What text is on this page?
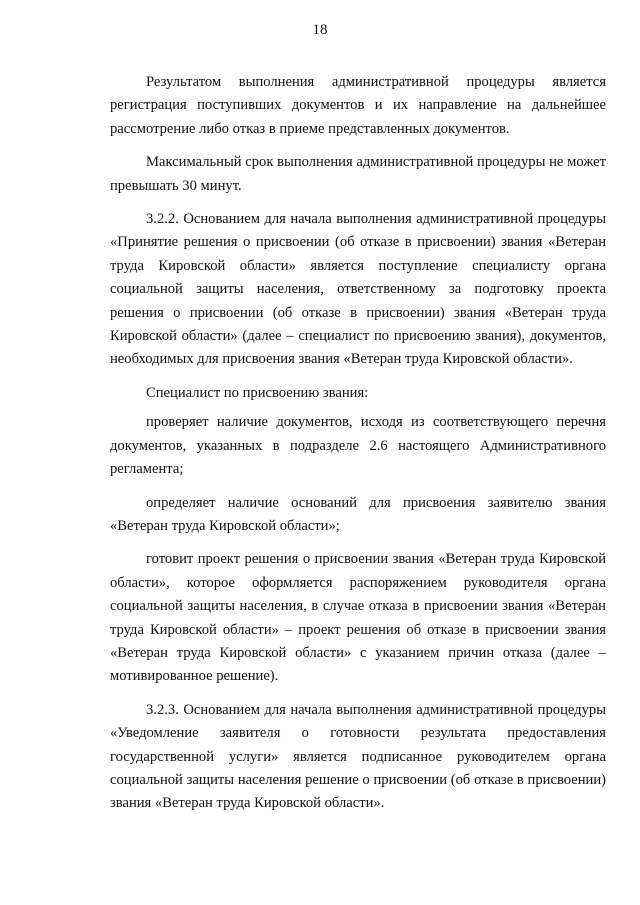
18

Результатом выполнения административной процедуры является регистрация поступивших документов и их направление на дальнейшее рассмотрение либо отказ в приеме представленных документов.

Максимальный срок выполнения административной процедуры не может превышать 30 минут.

3.2.2. Основанием для начала выполнения административной процедуры «Принятие решения о присвоении (об отказе в присвоении) звания «Ветеран труда Кировской области» является поступление специалисту органа социальной защиты населения, ответственному за подготовку проекта решения о присвоении (об отказе в присвоении) звания «Ветеран труда Кировской области» (далее – специалист по присвоению звания), документов, необходимых для присвоения звания «Ветеран труда Кировской области».

Специалист по присвоению звания:

проверяет наличие документов, исходя из соответствующего перечня документов, указанных в подразделе 2.6 настоящего Административного регламента;

определяет наличие оснований для присвоения заявителю звания «Ветеран труда Кировской области»;

готовит проект решения о присвоении звания «Ветеран труда Кировской области», которое оформляется распоряжением руководителя органа социальной защиты населения, в случае отказа в присвоении звания «Ветеран труда Кировской области» – проект решения об отказе в присвоении звания «Ветеран труда Кировской области» с указанием причин отказа (далее – мотивированное решение).

3.2.3. Основанием для начала выполнения административной процедуры «Уведомление заявителя о готовности результата предоставления государственной услуги» является подписанное руководителем органа социальной защиты населения решение о присвоении (об отказе в присвоении) звания «Ветеран труда Кировской области».
